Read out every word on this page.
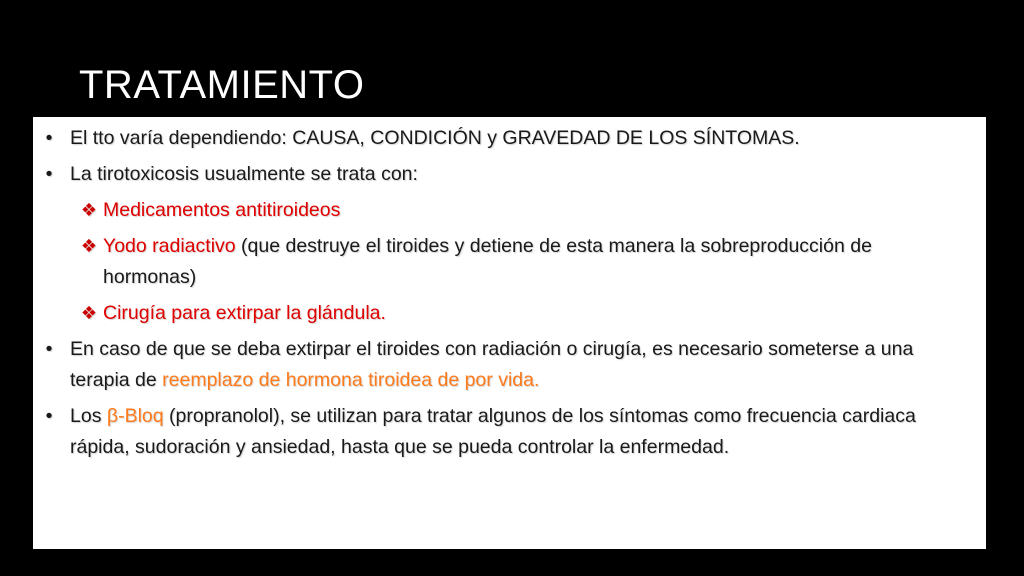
TRATAMIENTO
• El tto varía dependiendo: CAUSA, CONDICIÓN y GRAVEDAD DE LOS SÍNTOMAS.
• La tirotoxicosis usualmente se trata con:
❖ Medicamentos antitiroideos
❖ Yodo radiactivo (que destruye el tiroides y detiene de esta manera la sobreproducción de hormonas)
❖ Cirugía para extirpar la glándula.
• En caso de que se deba extirpar el tiroides con radiación o cirugía, es necesario someterse a una terapia de reemplazo de hormona tiroidea de por vida.
• Los β-Bloq (propranolol), se utilizan para tratar algunos de los síntomas como frecuencia cardiaca rápida, sudoración y ansiedad, hasta que se pueda controlar la enfermedad.
